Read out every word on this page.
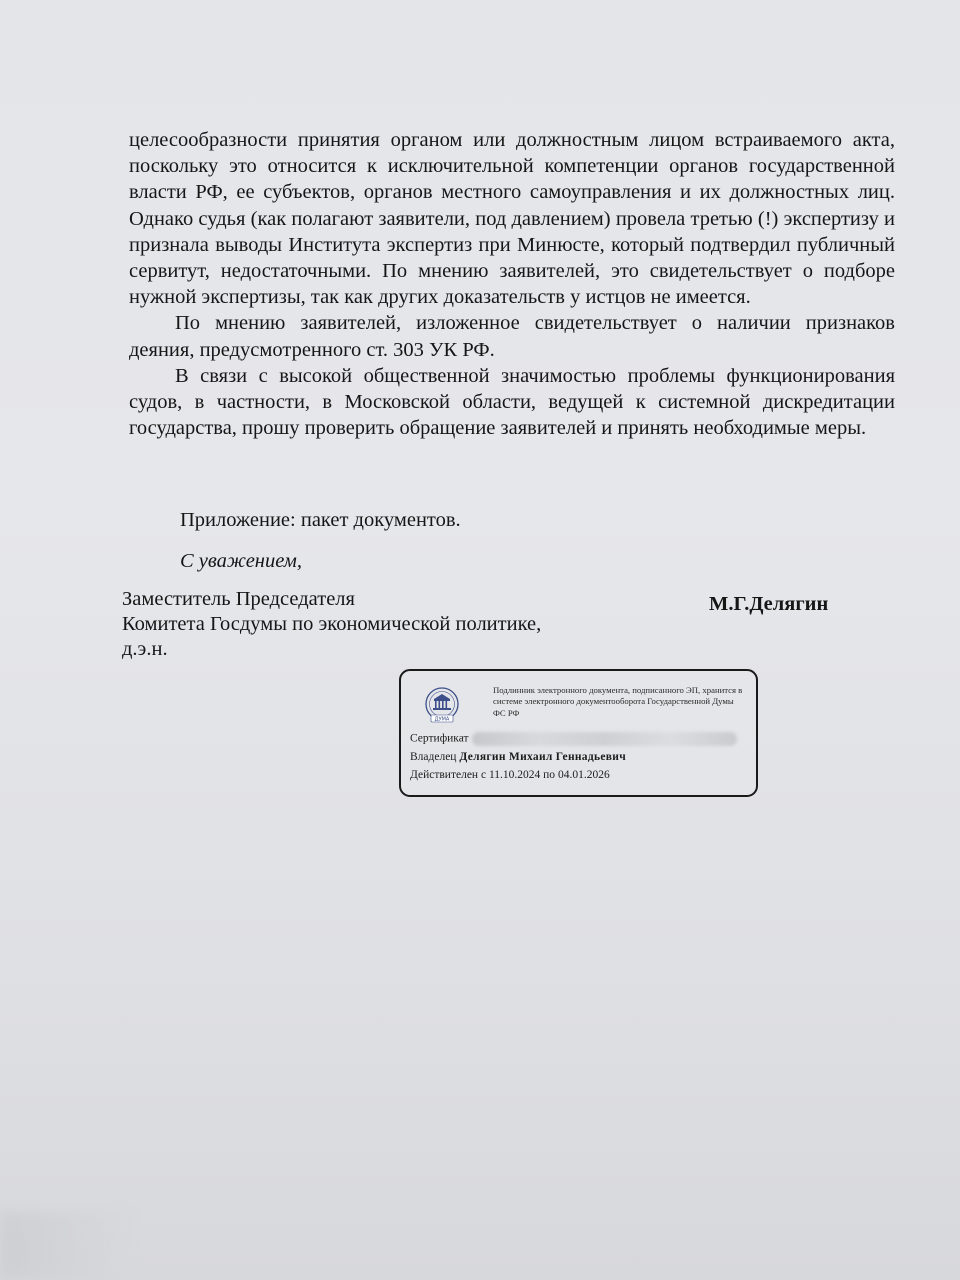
целесообразности принятия органом или должностным лицом встраиваемого акта, поскольку это относится к исключительной компетенции органов государственной власти РФ, ее субъектов, органов местного самоуправления и их должностных лиц. Однако судья (как полагают заявители, под давлением) провела третью (!) экспертизу и признала выводы Института экспертиз при Минюсте, который подтвердил публичный сервитут, недостаточными. По мнению заявителей, это свидетельствует о подборе нужной экспертизы, так как других доказательств у истцов не имеется.

По мнению заявителей, изложенное свидетельствует о наличии признаков деяния, предусмотренного ст. 303 УК РФ.

В связи с высокой общественной значимостью проблемы функционирования судов, в частности, в Московской области, ведущей к системной дискредитации государства, прошу проверить обращение заявителей и принять необходимые меры.

Приложение: пакет документов.
С уважением,
Заместитель Председателя
Комитета Госдумы по экономической политике,
д.э.н.
М.Г.Делягин
ДУМА
Подлинник электронного документа, подписанного ЭП, хранится в системе электронного документооборота Государственной Думы ФС РФ
Сертификат
Владелец Делягин Михаил Геннадьевич
Действителен с 11.10.2024 по 04.01.2026
